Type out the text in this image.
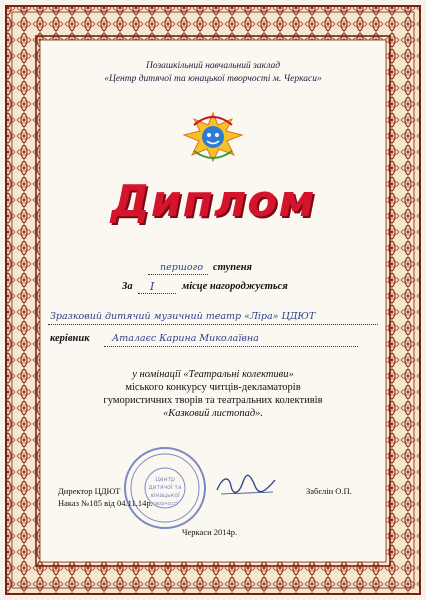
Позашкільний навчальний заклад
«Центр дитячої та юнацької творчості м. Черкаси»
Диплом
першого ступеня
За І	місце нагороджується
Зразковий дитячий музичний театр «Ліра» ЦДЮТ
керівник Аталаєс Карина Миколаївна
у номінації «Театральні колективи»
міського конкурсу читців-декламаторів
гумористичних творів та театральних колективів
«Казковий листопад».
Центр
дитячої та
юнацької
творчості
Директор ЦДЮТ
Наказ №185 від 04.11.14р.
Забєлін О.П.
Черкаси 2014р.
